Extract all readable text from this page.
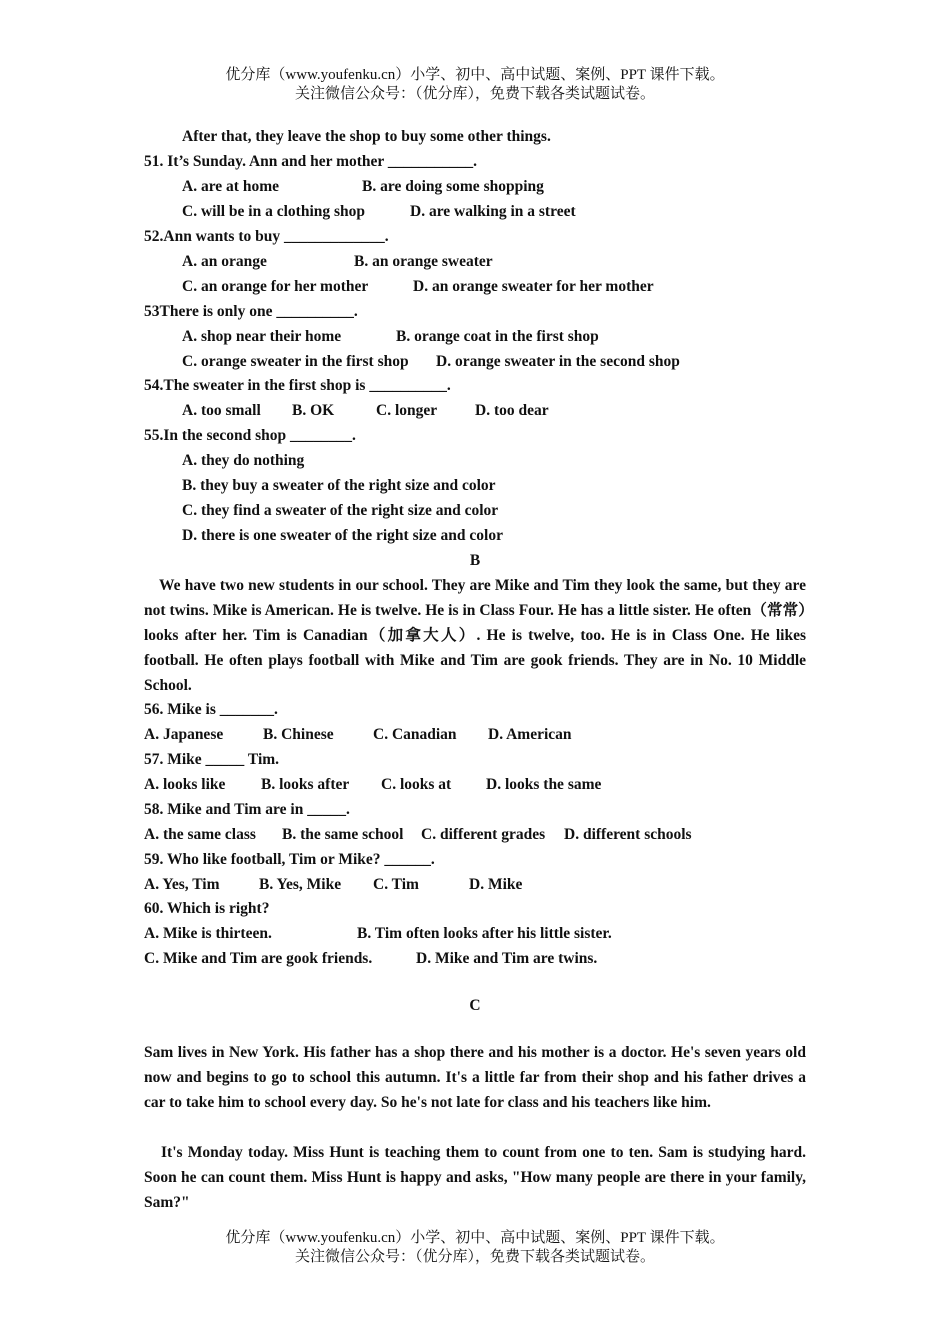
优分库（www.youfenku.cn）小学、初中、高中试题、案例、PPT 课件下载。
关注微信公众号：（优分库），免费下载各类试题试卷。
After that, they leave the shop to buy some other things.
51. It’s Sunday. Ann and her mother ___________.
A. are at home	B. are doing some shopping
C. will be in a clothing shop	D. are walking in a street
52.Ann wants to buy _____________.
A. an orange	B. an orange sweater
C. an orange for her mother	D. an orange sweater for her mother
53There is only one __________.
A. shop near their home	B. orange coat in the first shop
C. orange sweater in the first shop D. orange sweater in the second shop
54.The sweater in the first shop is __________.
A. too small B. OK	C. longer D. too dear
55.In the second shop ________.
A. they do nothing
B. they buy a sweater of the right size and color
C. they find a sweater of the right size and color
D. there is one sweater of the right size and color
B
We have two new students in our school. They are Mike and Tim they look the same, but they are not twins. Mike is American. He is twelve. He is in Class Four. He has a little sister. He often（常常）looks after her. Tim is Canadian（加拿大人）. He is twelve, too. He is in Class One. He likes football. He often plays football with Mike and Tim are gook friends. They are in No. 10 Middle School.
56. Mike is _______.
A. Japanese	B. Chinese	C. Canadian D. American
57. Mike _____ Tim.
A. looks like B. looks after C. looks at D. looks the same
58. Mike and Tim are in _____.
A. the same class B. the same school C. different grades D. different schools
59. Who like football, Tim or Mike? ______.
A. Yes, Tim	B. Yes, Mike C. Tim	D. Mike
60. Which is right?
A. Mike is thirteen.	B. Tim often looks after his little sister.
C. Mike and Tim are gook friends.	D. Mike and Tim are twins.
C
Sam lives in New York. His father has a shop there and his mother is a doctor. He's seven years old now and begins to go to school this autumn. It's a little far from their shop and his father drives a car to take him to school every day. So he's not late for class and his teachers like him.
It's Monday today. Miss Hunt is teaching them to count from one to ten. Sam is studying hard. Soon he can count them. Miss Hunt is happy and asks, "How many people are there in your family, Sam?"
优分库（www.youfenku.cn）小学、初中、高中试题、案例、PPT 课件下载。
关注微信公众号：（优分库），免费下载各类试题试卷。
